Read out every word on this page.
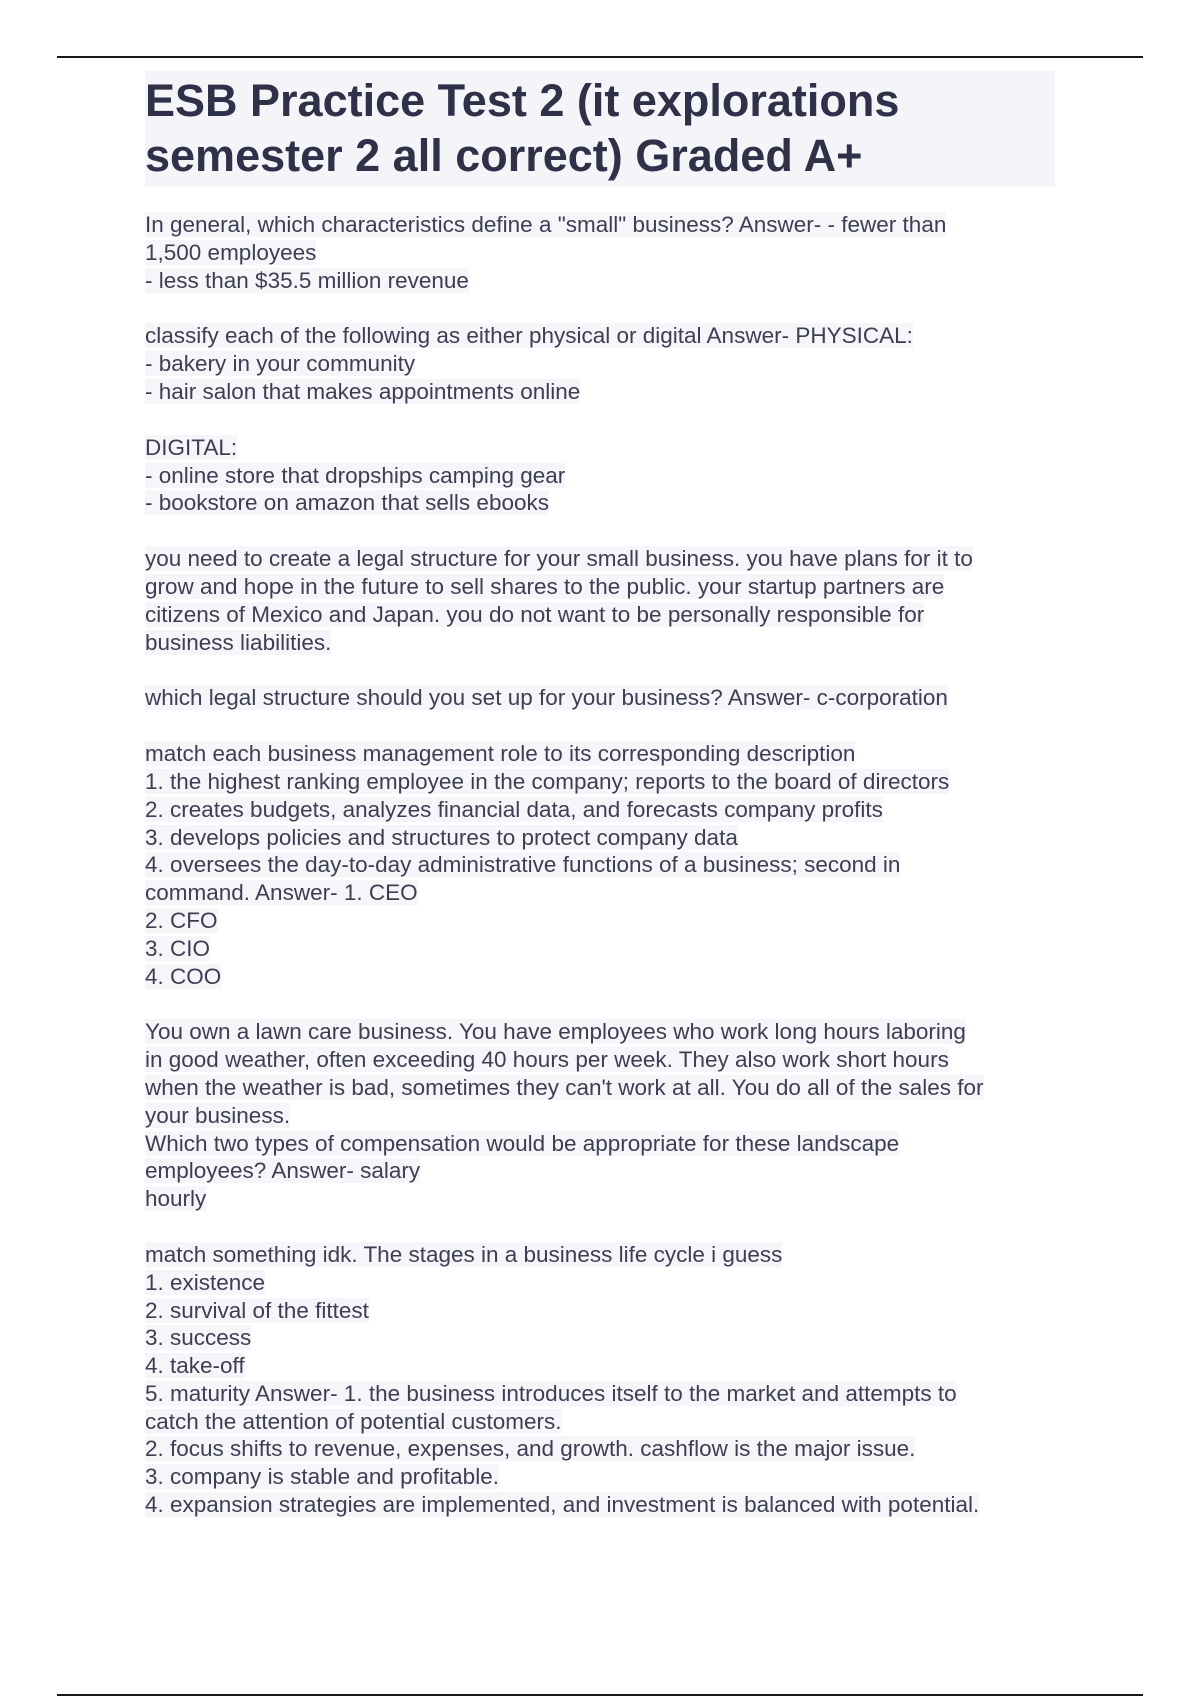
ESB Practice Test 2 (it explorations
semester 2 all correct) Graded A+
In general, which characteristics define a "small" business? Answer- - fewer than
1,500 employees
- less than $35.5 million revenue
classify each of the following as either physical or digital Answer- PHYSICAL:
- bakery in your community
- hair salon that makes appointments online
DIGITAL:
- online store that dropships camping gear
- bookstore on amazon that sells ebooks
you need to create a legal structure for your small business. you have plans for it to
grow and hope in the future to sell shares to the public. your startup partners are
citizens of Mexico and Japan. you do not want to be personally responsible for
business liabilities.
which legal structure should you set up for your business? Answer- c-corporation
match each business management role to its corresponding description
1. the highest ranking employee in the company; reports to the board of directors
2. creates budgets, analyzes financial data, and forecasts company profits
3. develops policies and structures to protect company data
4. oversees the day-to-day administrative functions of a business; second in
command. Answer- 1. CEO
2. CFO
3. CIO
4. COO
You own a lawn care business. You have employees who work long hours laboring
in good weather, often exceeding 40 hours per week. They also work short hours
when the weather is bad, sometimes they can't work at all. You do all of the sales for
your business.
Which two types of compensation would be appropriate for these landscape
employees? Answer- salary
hourly
match something idk. The stages in a business life cycle i guess
1. existence
2. survival of the fittest
3. success
4. take-off
5. maturity Answer- 1. the business introduces itself to the market and attempts to
catch the attention of potential customers.
2. focus shifts to revenue, expenses, and growth. cashflow is the major issue.
3. company is stable and profitable.
4. expansion strategies are implemented, and investment is balanced with potential.
